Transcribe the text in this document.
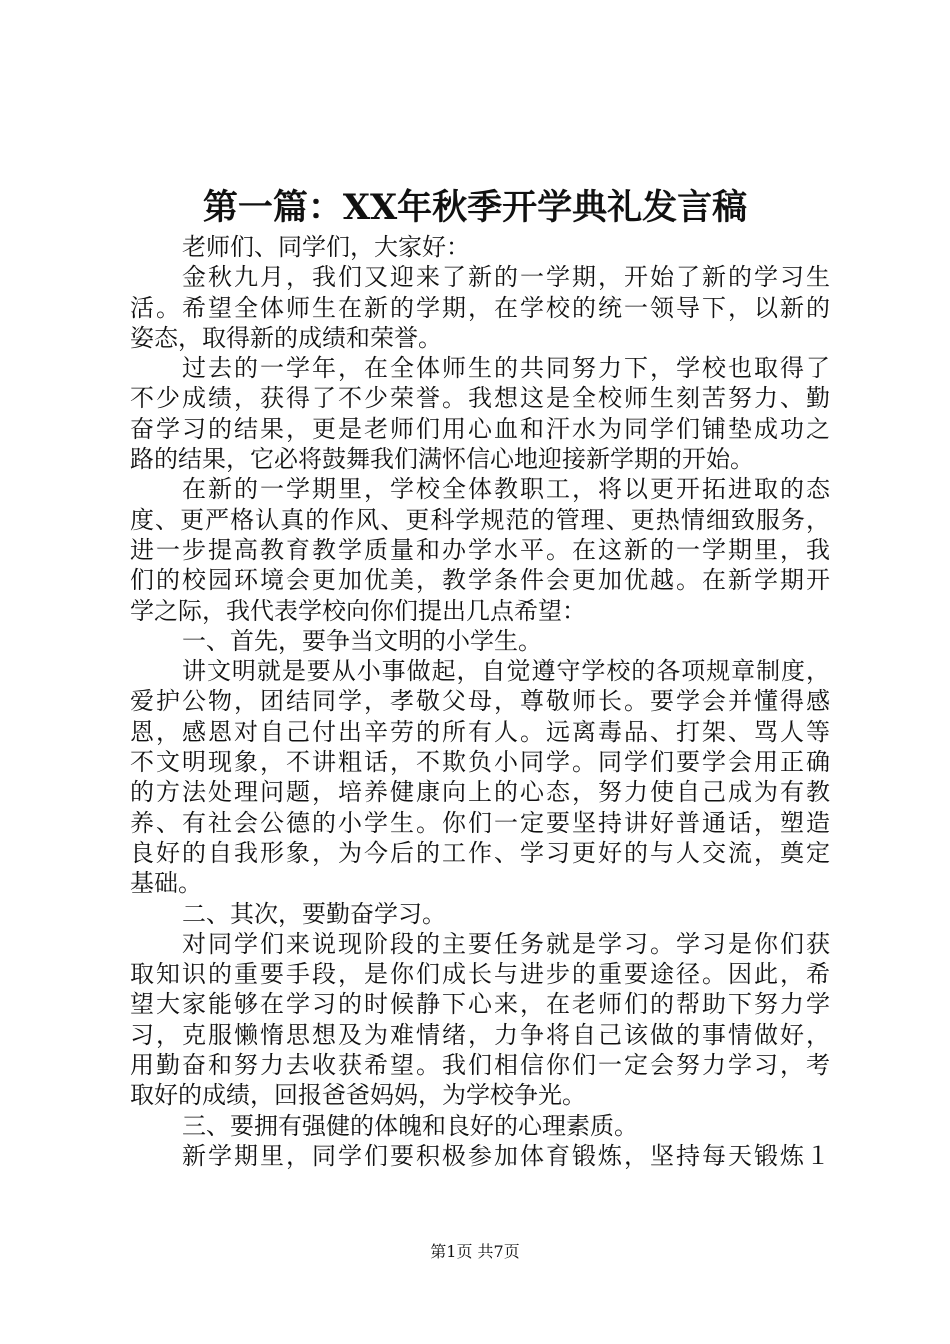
第一篇：XX年秋季开学典礼发言稿
老师们、同学们，大家好：
金秋九月，我们又迎来了新的一学期，开始了新的学习生
活。希望全体师生在新的学期，在学校的统一领导下，以新的
姿态，取得新的成绩和荣誉。
过去的一学年，在全体师生的共同努力下，学校也取得了
不少成绩，获得了不少荣誉。我想这是全校师生刻苦努力、勤
奋学习的结果，更是老师们用心血和汗水为同学们铺垫成功之
路的结果，它必将鼓舞我们满怀信心地迎接新学期的开始。
在新的一学期里，学校全体教职工，将以更开拓进取的态
度、更严格认真的作风、更科学规范的管理、更热情细致服务，
进一步提高教育教学质量和办学水平。在这新的一学期里，我
们的校园环境会更加优美，教学条件会更加优越。在新学期开
学之际，我代表学校向你们提出几点希望：
一、首先，要争当文明的小学生。
讲文明就是要从小事做起，自觉遵守学校的各项规章制度，
爱护公物，团结同学，孝敬父母，尊敬师长。要学会并懂得感
恩，感恩对自己付出辛劳的所有人。远离毒品、打架、骂人等
不文明现象，不讲粗话，不欺负小同学。同学们要学会用正确
的方法处理问题，培养健康向上的心态，努力使自己成为有教
养、有社会公德的小学生。你们一定要坚持讲好普通话，塑造
良好的自我形象，为今后的工作、学习更好的与人交流，奠定
基础。
二、其次，要勤奋学习。
对同学们来说现阶段的主要任务就是学习。学习是你们获
取知识的重要手段，是你们成长与进步的重要途径。因此，希
望大家能够在学习的时候静下心来，在老师们的帮助下努力学
习，克服懒惰思想及为难情绪，力争将自己该做的事情做好，
用勤奋和努力去收获希望。我们相信你们一定会努力学习，考
取好的成绩，回报爸爸妈妈，为学校争光。
三、要拥有强健的体魄和良好的心理素质。
新学期里，同学们要积极参加体育锻炼，坚持每天锻炼１
第1页 共7页
